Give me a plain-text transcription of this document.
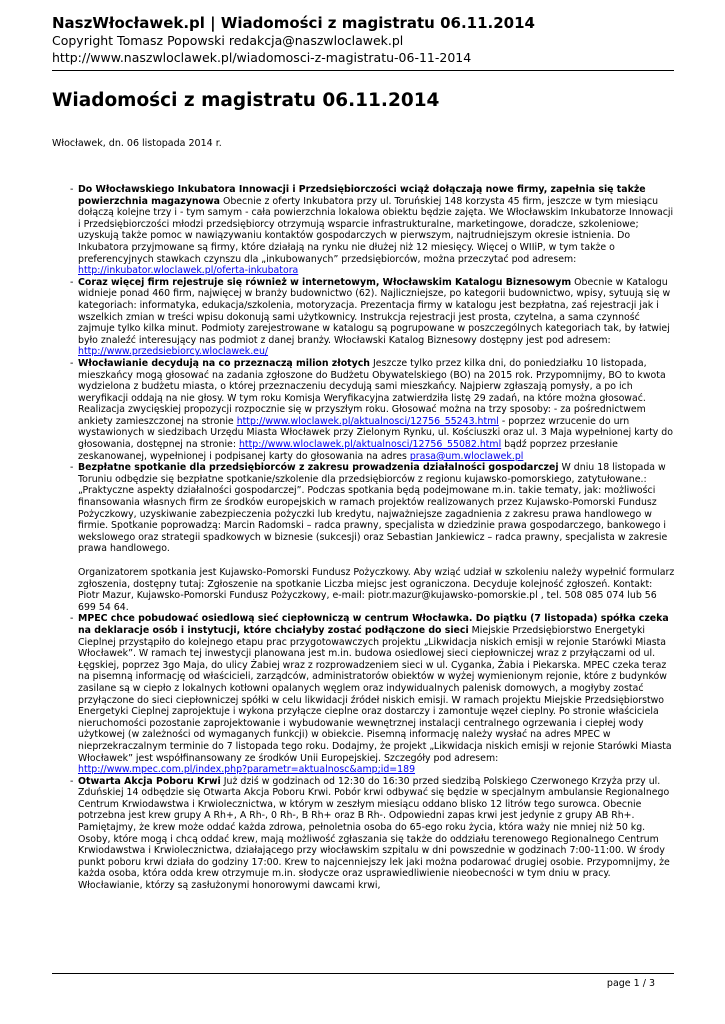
NaszWłocławek.pl | Wiadomości z magistratu 06.11.2014
Copyright Tomasz Popowski redakcja@naszwloclawek.pl
http://www.naszwloclawek.pl/wiadomosci-z-magistratu-06-11-2014
Wiadomości z magistratu 06.11.2014
Włocławek, dn. 06 listopada 2014 r.
- Do Włocławskiego Inkubatora Innowacji i Przedsiębiorczości wciąż dołączają nowe firmy, zapełnia się także powierzchnia magazynowa Obecnie z oferty Inkubatora przy ul. Toruńskiej 148 korzysta 45 firm, jeszcze w tym miesiącu dołączą kolejne trzy i - tym samym - cała powierzchnia lokalowa obiektu będzie zajęta. We Włocławskim Inkubatorze Innowacji i Przedsiębiorczości młodzi przedsiębiorcy otrzymują wsparcie infrastrukturalne, marketingowe, doradcze, szkoleniowe; uzyskują także pomoc w nawiązywaniu kontaktów gospodarczych w pierwszym, najtrudniejszym okresie istnienia. Do Inkubatora przyjmowane są firmy, które działają na rynku nie dłużej niż 12 miesięcy. Więcej o WIIiP, w tym także o preferencyjnych stawkach czynszu dla „inkubowanych” przedsiębiorców, można przeczytać pod adresem: http://inkubator.wloclawek.pl/oferta-inkubatora
- Coraz więcej firm rejestruje się również w internetowym, Włocławskim Katalogu Biznesowym Obecnie w Katalogu widnieje ponad 460 firm, najwięcej w branży budownictwo (62). Najliczniejsze, po kategorii budownictwo, wpisy, sytuują się w kategoriach: informatyka, edukacja/szkolenia, motoryzacja. Prezentacja firmy w katalogu jest bezpłatna, zaś rejestracji jak i wszelkich zmian w treści wpisu dokonują sami użytkownicy. Instrukcja rejestracji jest prosta, czytelna, a sama czynność zajmuje tylko kilka minut. Podmioty zarejestrowane w katalogu są pogrupowane w poszczególnych kategoriach tak, by łatwiej było znaleźć interesujący nas podmiot z danej branży. Włocławski Katalog Biznesowy dostępny jest pod adresem: http://www.przedsiebiorcy.wloclawek.eu/
- Włocławianie decydują na co przeznaczą milion złotych Jeszcze tylko przez kilka dni, do poniedziałku 10 listopada, mieszkańcy mogą głosować na zadania zgłoszone do Budżetu Obywatelskiego (BO) na 2015 rok. Przypomnijmy, BO to kwota wydzielona z budżetu miasta, o której przeznaczeniu decydują sami mieszkańcy. Najpierw zgłaszają pomysły, a po ich weryfikacji oddają na nie głosy. W tym roku Komisja Weryfikacyjna zatwierdziła listę 29 zadań, na które można głosować. Realizacja zwycięskiej propozycji rozpocznie się w przyszłym roku. Głosować można na trzy sposoby: - za pośrednictwem ankiety zamieszczonej na stronie http://www.wloclawek.pl/aktualnosci/12756_55243.html - poprzez wrzucenie do urn wystawionych w siedzibach Urzędu Miasta Włocławek przy Zielonym Rynku, ul. Kościuszki oraz ul. 3 Maja wypełnionej karty do głosowania, dostępnej na stronie: http://www.wloclawek.pl/aktualnosci/12756_55082.html bądź poprzez przesłanie zeskanowanej, wypełnionej i podpisanej karty do głosowania na adres prasa@um.wloclawek.pl
- Bezpłatne spotkanie dla przedsiębiorców z zakresu prowadzenia działalności gospodarczej W dniu 18 listopada w Toruniu odbędzie się bezpłatne spotkanie/szkolenie dla przedsiębiorców z regionu kujawsko-pomorskiego, zatytułowane.: „Praktyczne aspekty działalności gospodarczej”. Podczas spotkania będą podejmowane m.in. takie tematy, jak: możliwości finansowania własnych firm ze środków europejskich w ramach projektów realizowanych przez Kujawsko-Pomorski Fundusz Pożyczkowy, uzyskiwanie zabezpieczenia pożyczki lub kredytu, najważniejsze zagadnienia z zakresu prawa handlowego w firmie. Spotkanie poprowadzą: Marcin Radomski – radca prawny, specjalista w dziedzinie prawa gospodarczego, bankowego i wekslowego oraz strategii spadkowych w biznesie (sukcesji) oraz Sebastian Jankiewicz – radca prawny, specjalista w zakresie prawa handlowego.
Organizatorem spotkania jest Kujawsko-Pomorski Fundusz Pożyczkowy. Aby wziąć udział w szkoleniu należy wypełnić formularz zgłoszenia, dostępny tutaj: Zgłoszenie na spotkanie Liczba miejsc jest ograniczona. Decyduje kolejność zgłoszeń. Kontakt: Piotr Mazur, Kujawsko-Pomorski Fundusz Pożyczkowy, e-mail: piotr.mazur@kujawsko-pomorskie.pl , tel. 508 085 074 lub 56 699 54 64.
- MPEC chce pobudować osiedlową sieć ciepłowniczą w centrum Włocławka. Do piątku (7 listopada) spółka czeka na deklaracje osób i instytucji, które chciałyby zostać podłączone do sieci Miejskie Przedsiębiorstwo Energetyki Cieplnej przystąpiło do kolejnego etapu prac przygotowawczych projektu „Likwidacja niskich emisji w rejonie Starówki Miasta Włocławek”. W ramach tej inwestycji planowana jest m.in. budowa osiedlowej sieci ciepłowniczej wraz z przyłączami od ul. Łęgskiej, poprzez 3go Maja, do ulicy Żabiej wraz z rozprowadzeniem sieci w ul. Cyganka, Żabia i Piekarska. MPEC czeka teraz na pisemną informację od właścicieli, zarządców, administratorów obiektów w wyżej wymienionym rejonie, które z budynków zasilane są w ciepło z lokalnych kotłowni opalanych węglem oraz indywidualnych palenisk domowych, a mogłyby zostać przyłączone do sieci ciepłowniczej spółki w celu likwidacji źródeł niskich emisji. W ramach projektu Miejskie Przedsiębiorstwo Energetyki Cieplnej zaprojektuje i wykona przyłącze cieplne oraz dostarczy i zamontuje węzeł cieplny. Po stronie właściciela nieruchomości pozostanie zaprojektowanie i wybudowanie wewnętrznej instalacji centralnego ogrzewania i ciepłej wody użytkowej (w zależności od wymaganych funkcji) w obiekcie. Pisemną informację należy wysłać na adres MPEC w nieprzekraczalnym terminie do 7 listopada tego roku. Dodajmy, że projekt „Likwidacja niskich emisji w rejonie Starówki Miasta Włocławek” jest współfinansowany ze środków Unii Europejskiej. Szczegóły pod adresem:
http://www.mpec.com.pl/index.php?parametr=aktualnosc&amp;id=189
- Otwarta Akcja Poboru Krwi Już dziś w godzinach od 12:30 do 16:30 przed siedzibą Polskiego Czerwonego Krzyża przy ul. Zduńskiej 14 odbędzie się Otwarta Akcja Poboru Krwi. Pobór krwi odbywać się będzie w specjalnym ambulansie Regionalnego Centrum Krwiodawstwa i Krwiolecznictwa, w którym w zeszłym miesiącu oddano blisko 12 litrów tego surowca. Obecnie potrzebna jest krew grupy A Rh+, A Rh-, 0 Rh-, B Rh+ oraz B Rh-. Odpowiedni zapas krwi jest jedynie z grupy AB Rh+. Pamiętajmy, że krew może oddać każda zdrowa, pełnoletnia osoba do 65-ego roku życia, która waży nie mniej niż 50 kg. Osoby, które mogą i chcą oddać krew, mają możliwość zgłaszania się także do oddziału terenowego Regionalnego Centrum Krwiodawstwa i Krwiolecznictwa, działającego przy włocławskim szpitalu w dni powszednie w godzinach 7:00-11:00. W środy punkt poboru krwi działa do godziny 17:00. Krew to najcenniejszy lek jaki można podarować drugiej osobie. Przypomnijmy, że każda osoba, która odda krew otrzymuje m.in. słodycze oraz usprawiedliwienie nieobecności w tym dniu w pracy. Włocławianie, którzy są zasłużonymi honorowymi dawcami krwi,
page 1 / 3
